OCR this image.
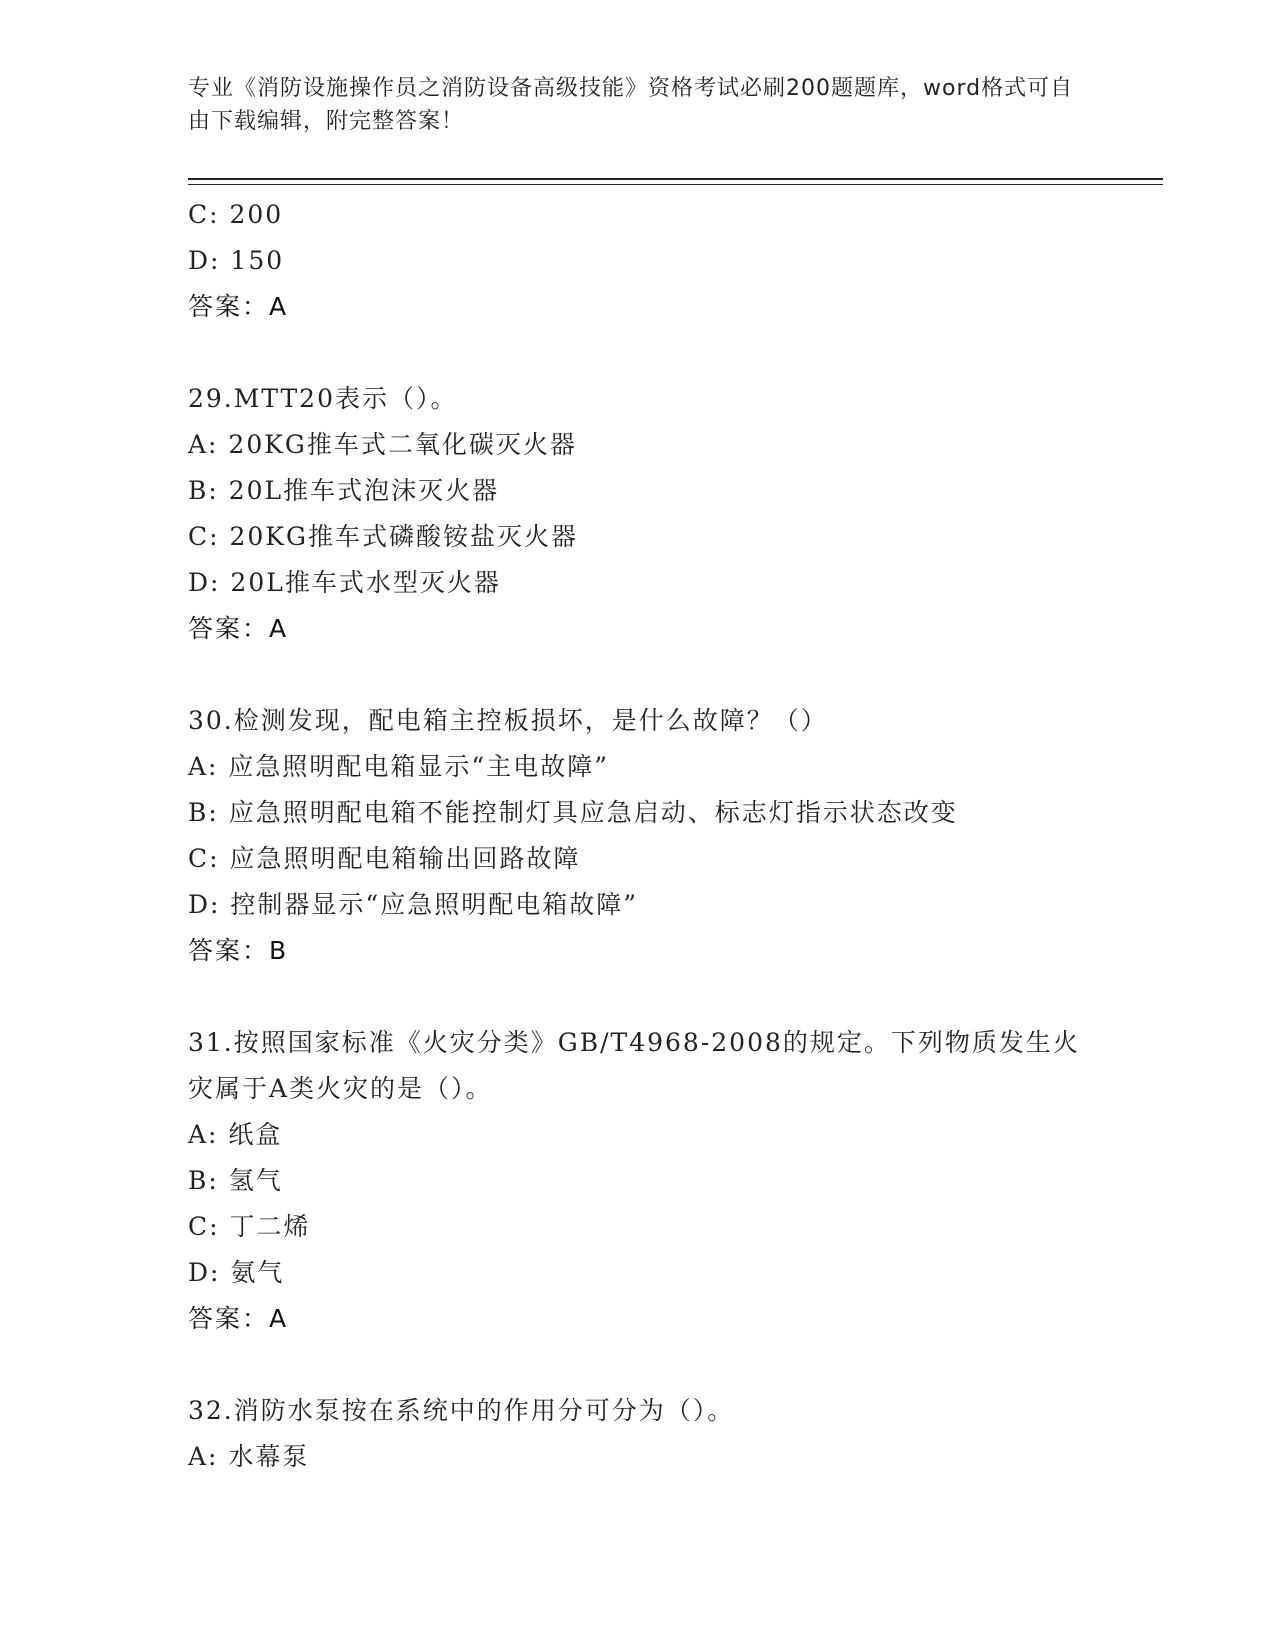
专业《消防设施操作员之消防设备高级技能》资格考试必刷200题题库，word格式可自由下载编辑，附完整答案！
C: 200
D: 150
答案：A
29.MTT20表示（）。
A: 20KG推车式二氧化碳灭火器
B: 20L推车式泡沫灭火器
C: 20KG推车式磷酸铵盐灭火器
D: 20L推车式水型灭火器
答案：A
30.检测发现，配电箱主控板损坏，是什么故障？（）
A: 应急照明配电箱显示“主电故障”
B: 应急照明配电箱不能控制灯具应急启动、标志灯指示状态改变
C: 应急照明配电箱输出回路故障
D: 控制器显示“应急照明配电箱故障”
答案：B
31.按照国家标准《火灾分类》GB/T4968-2008的规定。下列物质发生火灾属于A类火灾的是（）。
A: 纸盒
B: 氢气
C: 丁二烯
D: 氨气
答案：A
32.消防水泵按在系统中的作用分可分为（）。
A: 水幕泵
